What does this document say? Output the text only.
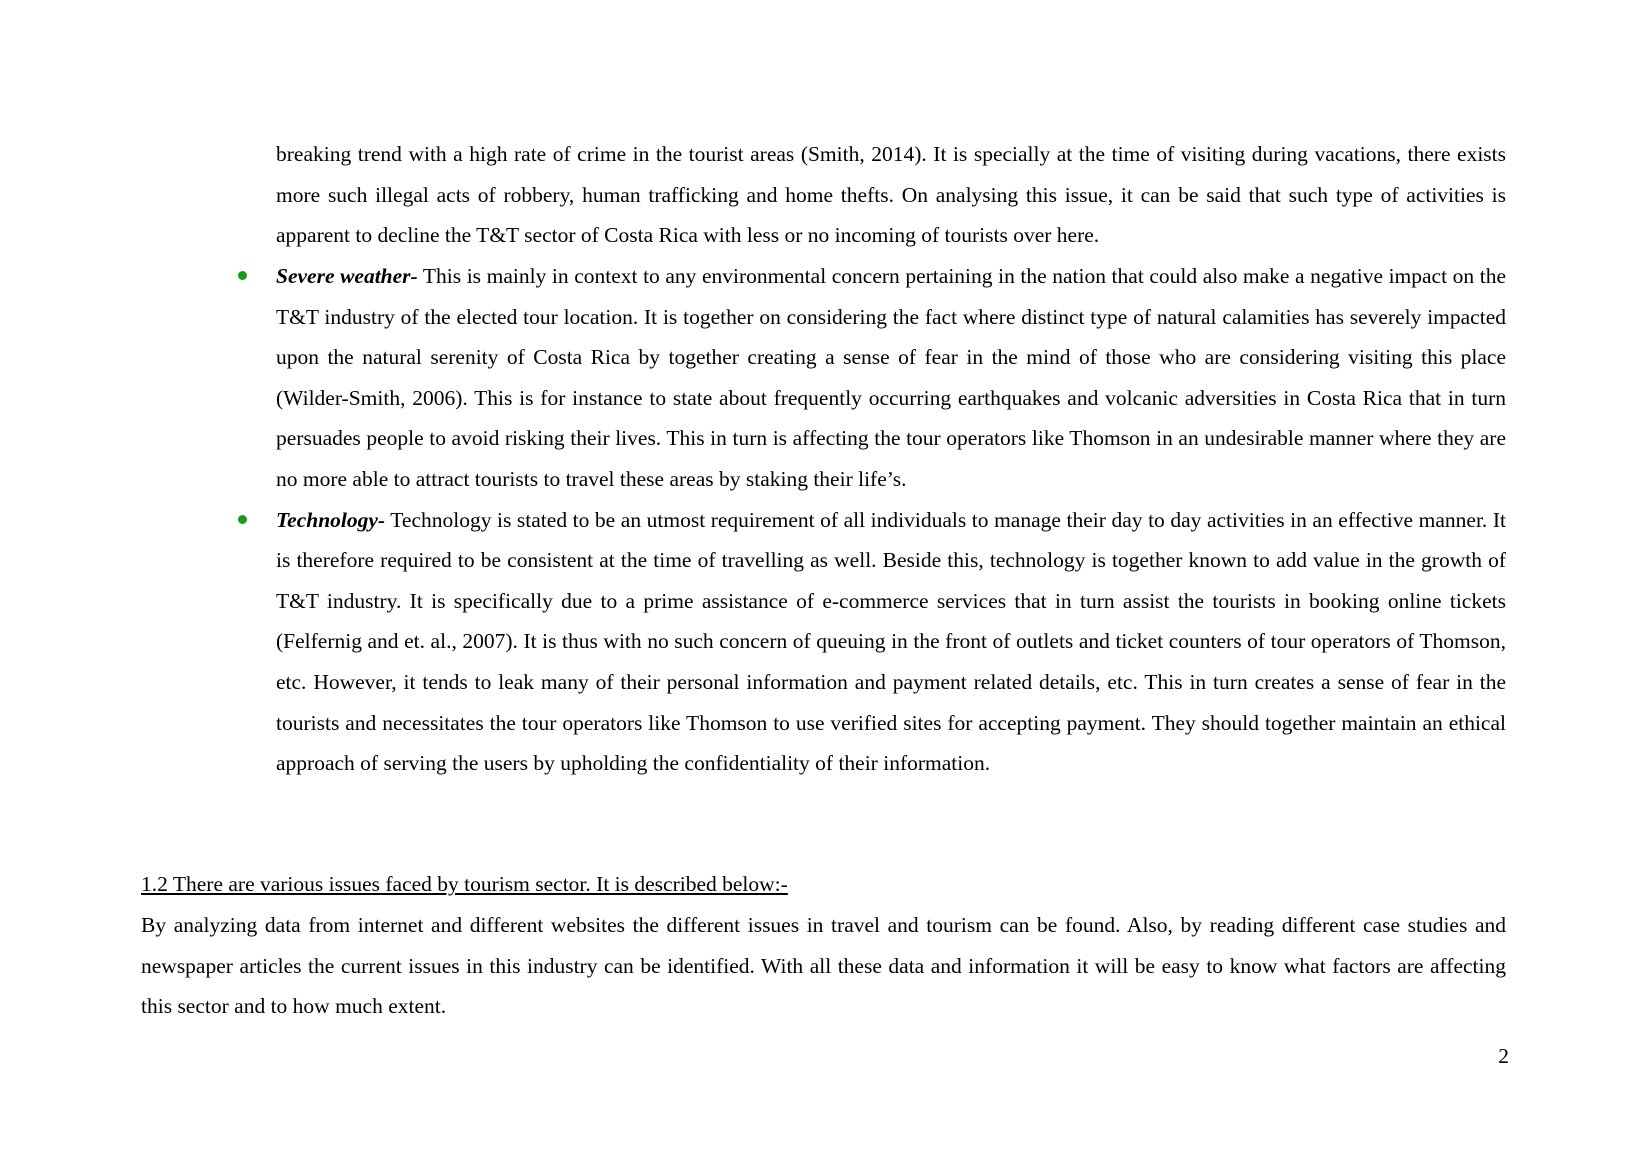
breaking trend with a high rate of crime in the tourist areas (Smith, 2014). It is specially at the time of visiting during vacations, there exists more such illegal acts of robbery, human trafficking and home thefts. On analysing this issue, it can be said that such type of activities is apparent to decline the T&T sector of Costa Rica with less or no incoming of tourists over here.

Severe weather- This is mainly in context to any environmental concern pertaining in the nation that could also make a negative impact on the T&T industry of the elected tour location. It is together on considering the fact where distinct type of natural calamities has severely impacted upon the natural serenity of Costa Rica by together creating a sense of fear in the mind of those who are considering visiting this place (Wilder-Smith, 2006). This is for instance to state about frequently occurring earthquakes and volcanic adversities in Costa Rica that in turn persuades people to avoid risking their lives. This in turn is affecting the tour operators like Thomson in an undesirable manner where they are no more able to attract tourists to travel these areas by staking their life’s.
Technology- Technology is stated to be an utmost requirement of all individuals to manage their day to day activities in an effective manner. It is therefore required to be consistent at the time of travelling as well. Beside this, technology is together known to add value in the growth of T&T industry. It is specifically due to a prime assistance of e-commerce services that in turn assist the tourists in booking online tickets (Felfernig and et. al., 2007). It is thus with no such concern of queuing in the front of outlets and ticket counters of tour operators of Thomson, etc. However, it tends to leak many of their personal information and payment related details, etc. This in turn creates a sense of fear in the tourists and necessitates the tour operators like Thomson to use verified sites for accepting payment. They should together maintain an ethical approach of serving the users by upholding the confidentiality of their information.

1.2 There are various issues faced by tourism sector. It is described below:-

By analyzing data from internet and different websites the different issues in travel and tourism can be found. Also, by reading different case studies and newspaper articles the current issues in this industry can be identified. With all these data and information it will be easy to know what factors are affecting this sector and to how much extent.

2
